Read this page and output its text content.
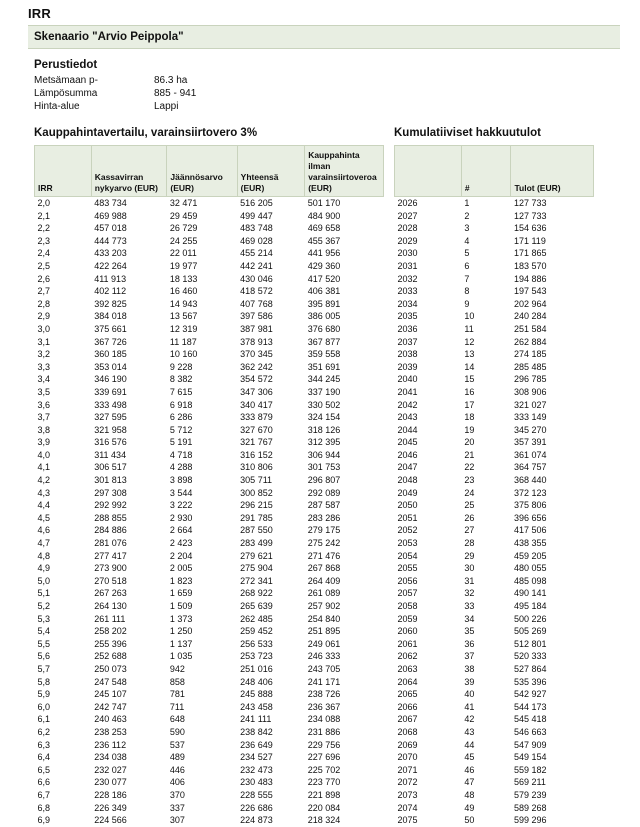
IRR
Skenaario "Arvio Peippola"
Perustiedot
Metsämaan p-	86.3 ha
Lämpösumma	885 - 941
Hinta-alue	Lappi
Kauppahintavertailu, varainsiirtovero 3%	Kumulatiiviset hakkuutulot
IRR	Kassavirran nykyarvo (EUR)	Jäännösarvo (EUR)	Yhteensä (EUR)	Kauppahinta ilman varainsiirtoveroa (EUR)
2,0	483 734	32 471	516 205	501 170
2,1	469 988	29 459	499 447	484 900
2,2	457 018	26 729	483 748	469 658
2,3	444 773	24 255	469 028	455 367
2,4	433 203	22 011	455 214	441 956
2,5	422 264	19 977	442 241	429 360
2,6	411 913	18 133	430 046	417 520
2,7	402 112	16 460	418 572	406 381
2,8	392 825	14 943	407 768	395 891
2,9	384 018	13 567	397 586	386 005
3,0	375 661	12 319	387 981	376 680
3,1	367 726	11 187	378 913	367 877
3,2	360 185	10 160	370 345	359 558
3,3	353 014	9 228	362 242	351 691
3,4	346 190	8 382	354 572	344 245
3,5	339 691	7 615	347 306	337 190
3,6	333 498	6 918	340 417	330 502
3,7	327 595	6 286	333 879	324 154
3,8	321 958	5 712	327 670	318 126
3,9	316 576	5 191	321 767	312 395
4,0	311 434	4 718	316 152	306 944
4,1	306 517	4 288	310 806	301 753
4,2	301 813	3 898	305 711	296 807
4,3	297 308	3 544	300 852	292 089
4,4	292 992	3 222	296 215	287 587
4,5	288 855	2 930	291 785	283 286
4,6	284 886	2 664	287 550	279 175
4,7	281 076	2 423	283 499	275 242
4,8	277 417	2 204	279 621	271 476
4,9	273 900	2 005	275 904	267 868
5,0	270 518	1 823	272 341	264 409
5,1	267 263	1 659	268 922	261 089
5,2	264 130	1 509	265 639	257 902
5,3	261 111	1 373	262 485	254 840
5,4	258 202	1 250	259 452	251 895
5,5	255 396	1 137	256 533	249 061
5,6	252 688	1 035	253 723	246 333
5,7	250 073	942	251 016	243 705
5,8	247 548	858	248 406	241 171
5,9	245 107	781	245 888	238 726
6,0	242 747	711	243 458	236 367
6,1	240 463	648	241 111	234 088
6,2	238 253	590	238 842	231 886
6,3	236 112	537	236 649	229 756
6,4	234 038	489	234 527	227 696
6,5	232 027	446	232 473	225 702
6,6	230 077	406	230 483	223 770
6,7	228 186	370	228 555	221 898
6,8	226 349	337	226 686	220 084
6,9	224 566	307	224 873	218 324
	#	Tulot (EUR)
2026	1	127 733
2027	2	127 733
2028	3	154 636
2029	4	171 119
2030	5	171 865
2031	6	183 570
2032	7	194 886
2033	8	197 543
2034	9	202 964
2035	10	240 284
2036	11	251 584
2037	12	262 884
2038	13	274 185
2039	14	285 485
2040	15	296 785
2041	16	308 906
2042	17	321 027
2043	18	333 149
2044	19	345 270
2045	20	357 391
2046	21	361 074
2047	22	364 757
2048	23	368 440
2049	24	372 123
2050	25	375 806
2051	26	396 656
2052	27	417 506
2053	28	438 355
2054	29	459 205
2055	30	480 055
2056	31	485 098
2057	32	490 141
2058	33	495 184
2059	34	500 226
2060	35	505 269
2061	36	512 801
2062	37	520 333
2063	38	527 864
2064	39	535 396
2065	40	542 927
2066	41	544 173
2067	42	545 418
2068	43	546 663
2069	44	547 909
2070	45	549 154
2071	46	559 182
2072	47	569 211
2073	48	579 239
2074	49	589 268
2075	50	599 296
